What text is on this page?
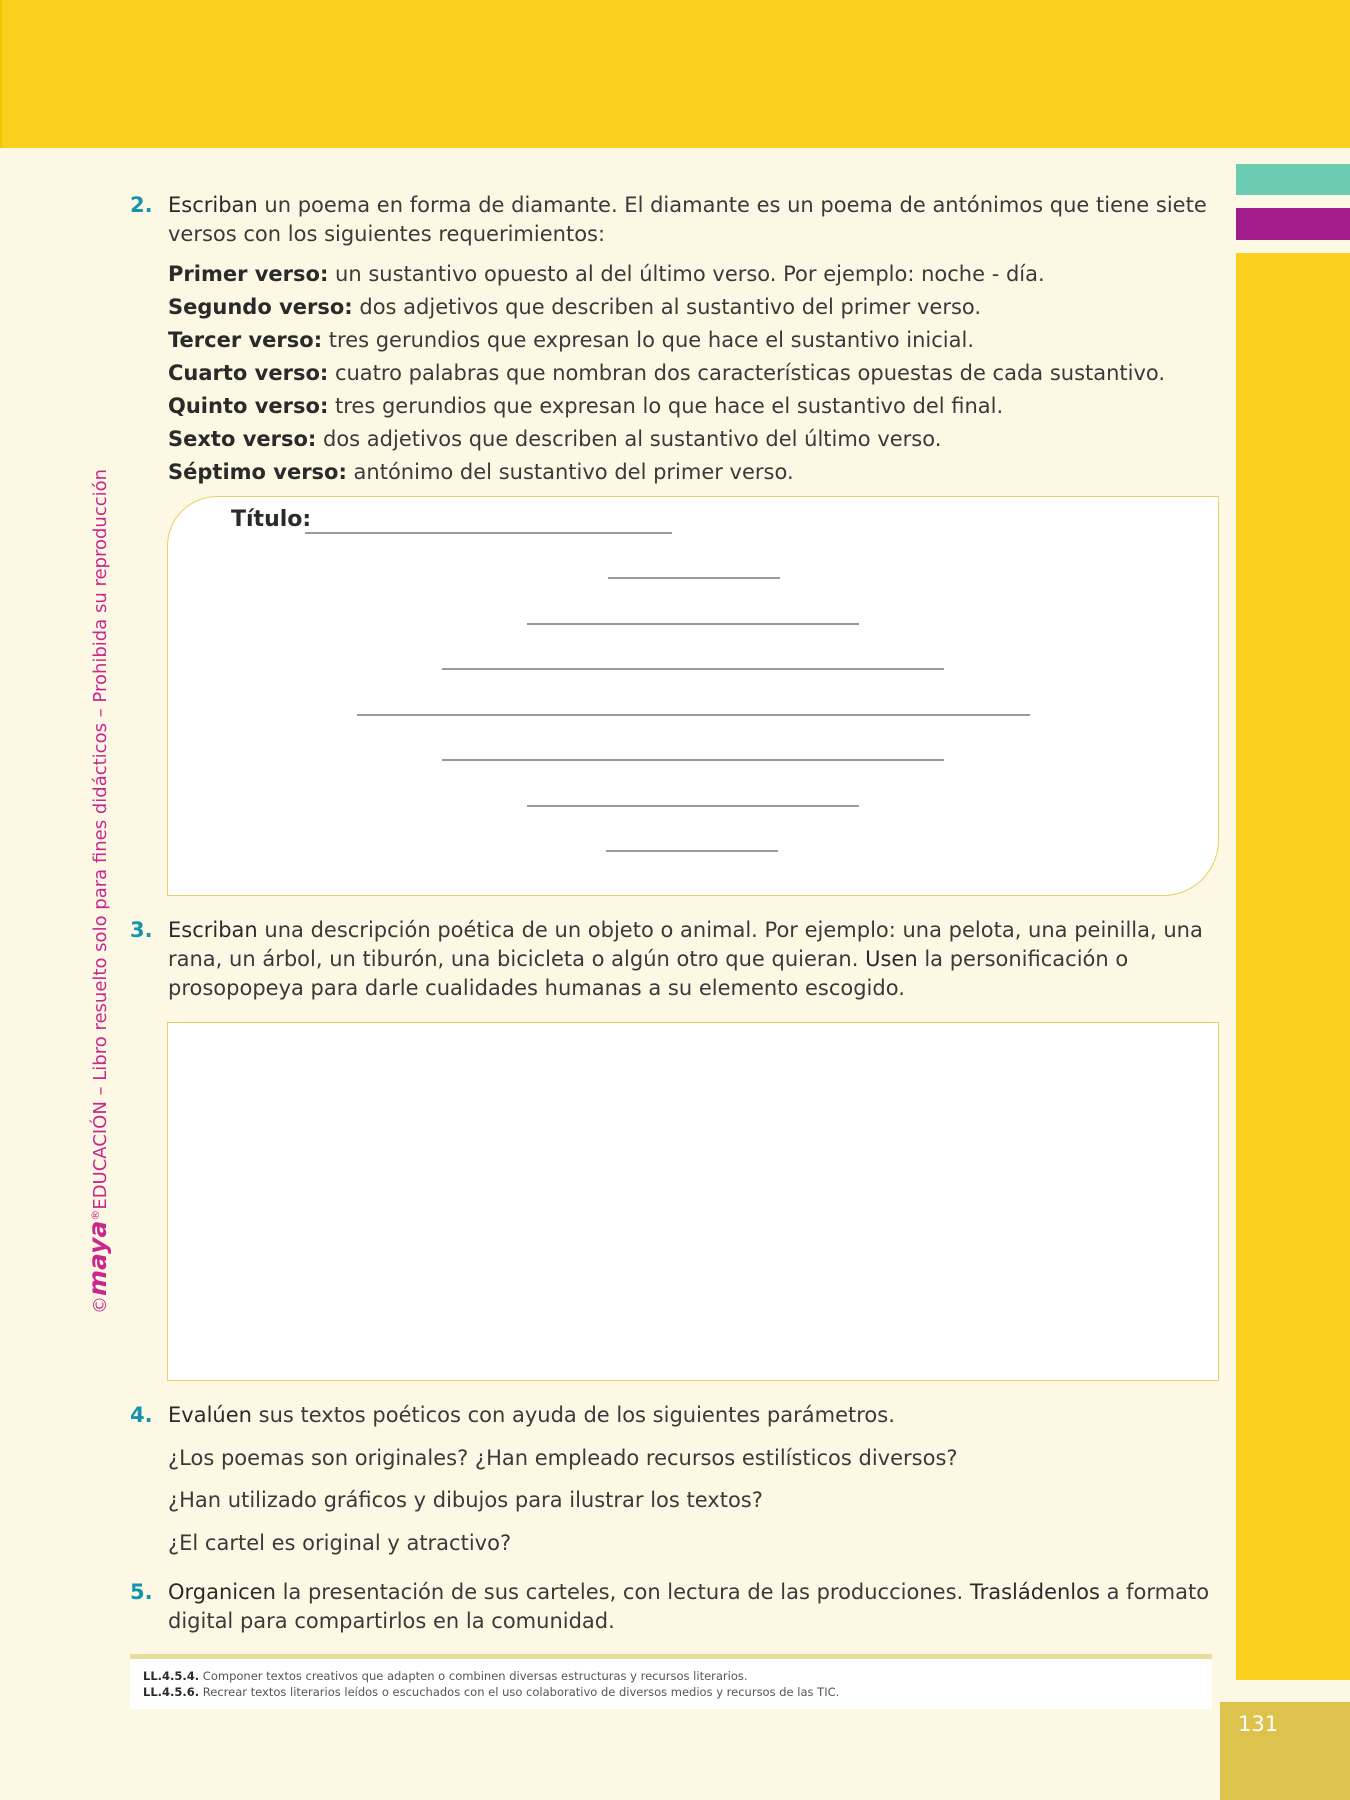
131
©maya®EDUCACIÓN – Libro resuelto solo para fines didácticos – Prohibida su reproducción
2. Escriban un poema en forma de diamante. El diamante es un poema de antónimos que tiene siete versos con los siguientes requerimientos:
Primer verso: un sustantivo opuesto al del último verso. Por ejemplo: noche - día.
Segundo verso: dos adjetivos que describen al sustantivo del primer verso.
Tercer verso: tres gerundios que expresan lo que hace el sustantivo inicial.
Cuarto verso: cuatro palabras que nombran dos características opuestas de cada sustantivo.
Quinto verso: tres gerundios que expresan lo que hace el sustantivo del final.
Sexto verso: dos adjetivos que describen al sustantivo del último verso.
Séptimo verso: antónimo del sustantivo del primer verso.
Título:
3. Escriban una descripción poética de un objeto o animal. Por ejemplo: una pelota, una peinilla, una rana, un árbol, un tiburón, una bicicleta o algún otro que quieran. Usen la personificación o prosopopeya para darle cualidades humanas a su elemento escogido.
4. Evalúen sus textos poéticos con ayuda de los siguientes parámetros.
¿Los poemas son originales? ¿Han empleado recursos estilísticos diversos?
¿Han utilizado gráficos y dibujos para ilustrar los textos?
¿El cartel es original y atractivo?
5. Organicen la presentación de sus carteles, con lectura de las producciones. Trasládenlos a formato digital para compartirlos en la comunidad.
LL.4.5.4. Componer textos creativos que adapten o combinen diversas estructuras y recursos literarios.
LL.4.5.6. Recrear textos literarios leídos o escuchados con el uso colaborativo de diversos medios y recursos de las TIC.
